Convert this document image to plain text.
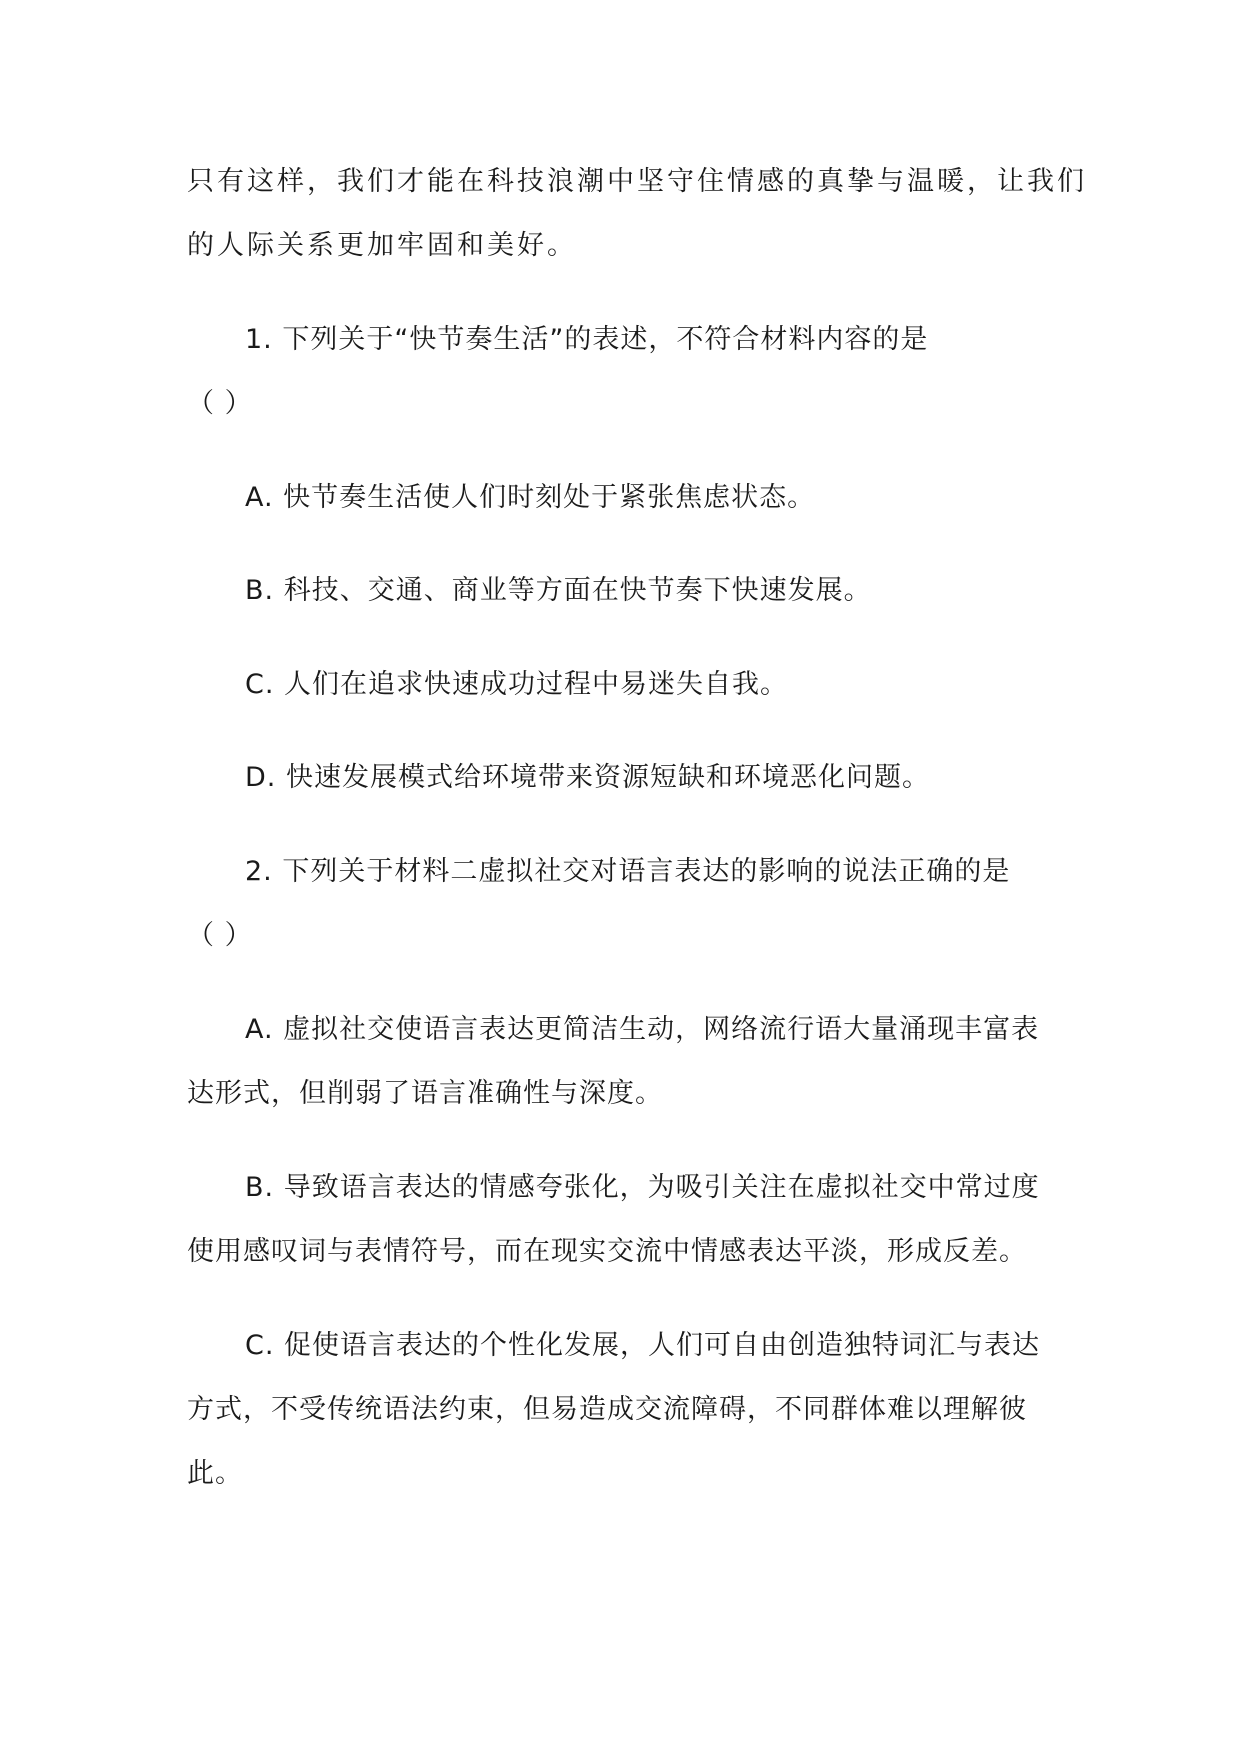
只有这样，我们才能在科技浪潮中坚守住情感的真挚与温暖，让我们
的人际关系更加牢固和美好。
1. 下列关于“快节奏生活”的表述，不符合材料内容的是
（ ）
A. 快节奏生活使人们时刻处于紧张焦虑状态。
B. 科技、交通、商业等方面在快节奏下快速发展。
C. 人们在追求快速成功过程中易迷失自我。
D. 快速发展模式给环境带来资源短缺和环境恶化问题。
2. 下列关于材料二虚拟社交对语言表达的影响的说法正确的是
（ ）
A. 虚拟社交使语言表达更简洁生动，网络流行语大量涌现丰富表
达形式，但削弱了语言准确性与深度。
B. 导致语言表达的情感夸张化，为吸引关注在虚拟社交中常过度
使用感叹词与表情符号，而在现实交流中情感表达平淡，形成反差。
C. 促使语言表达的个性化发展，人们可自由创造独特词汇与表达
方式，不受传统语法约束，但易造成交流障碍，不同群体难以理解彼
此。
